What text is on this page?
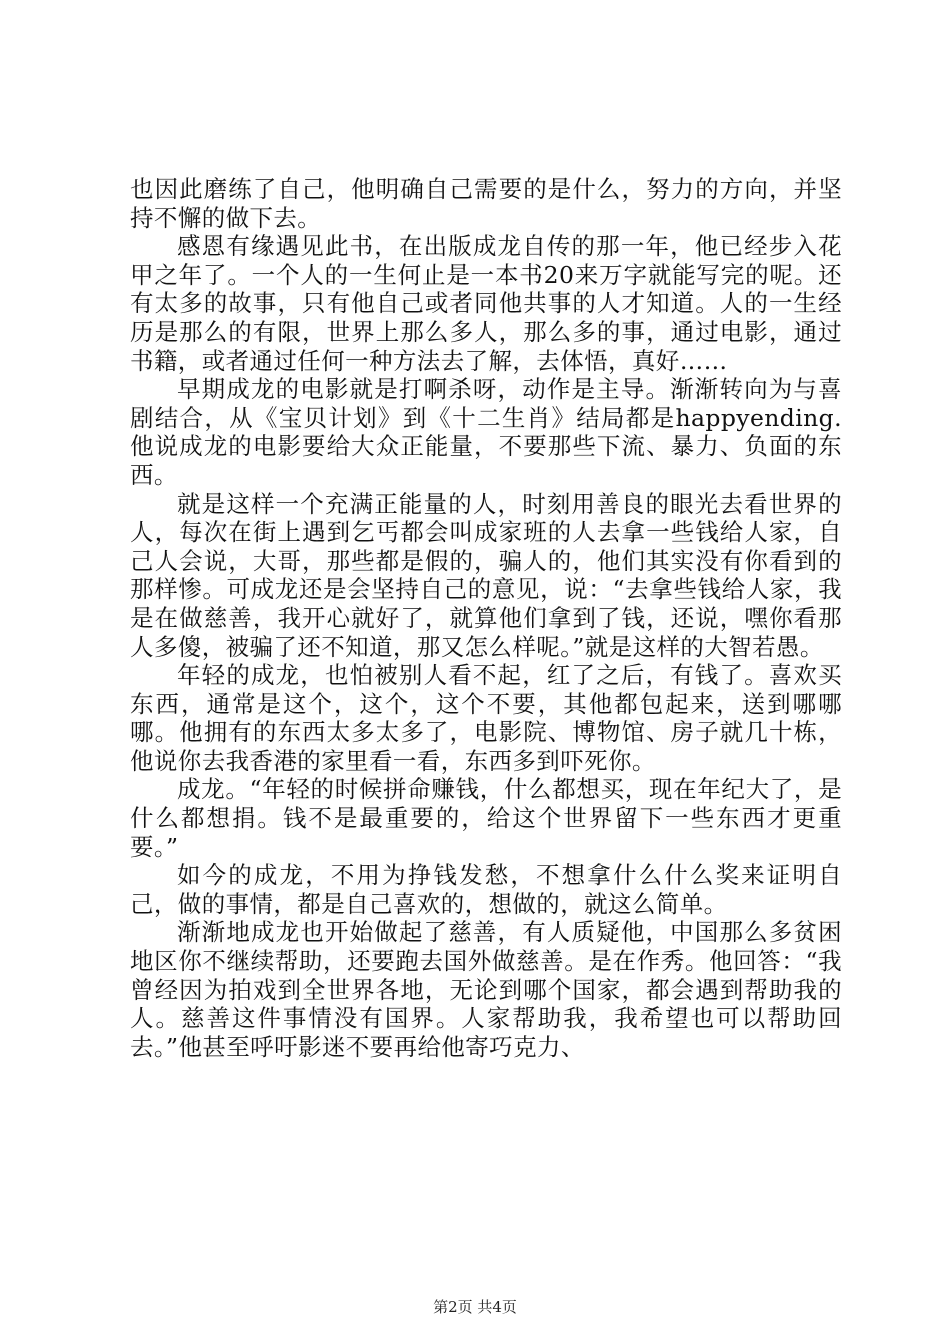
也因此磨练了自己，他明确自己需要的是什么，努力的方向，并坚持不懈的做下去。

感恩有缘遇见此书，在出版成龙自传的那一年，他已经步入花甲之年了。一个人的一生何止是一本书20来万字就能写完的呢。还有太多的故事，只有他自己或者同他共事的人才知道。人的一生经历是那么的有限，世界上那么多人，那么多的事，通过电影，通过书籍，或者通过任何一种方法去了解，去体悟，真好……

早期成龙的电影就是打啊杀呀，动作是主导。渐渐转向为与喜剧结合，从《宝贝计划》到《十二生肖》结局都是happyending.他说成龙的电影要给大众正能量，不要那些下流、暴力、负面的东西。

就是这样一个充满正能量的人，时刻用善良的眼光去看世界的人，每次在街上遇到乞丐都会叫成家班的人去拿一些钱给人家，自己人会说，大哥，那些都是假的，骗人的，他们其实没有你看到的那样惨。可成龙还是会坚持自己的意见，说：“去拿些钱给人家，我是在做慈善，我开心就好了，就算他们拿到了钱，还说，嘿你看那人多傻，被骗了还不知道，那又怎么样呢。”就是这样的大智若愚。

年轻的成龙，也怕被别人看不起，红了之后，有钱了。喜欢买东西，通常是这个，这个，这个不要，其他都包起来，送到哪哪哪。他拥有的东西太多太多了，电影院、博物馆、房子就几十栋，他说你去我香港的家里看一看，东西多到吓死你。

成龙。“年轻的时候拼命赚钱，什么都想买，现在年纪大了，是什么都想捐。钱不是最重要的，给这个世界留下一些东西才更重要。”

如今的成龙，不用为挣钱发愁，不想拿什么什么奖来证明自己，做的事情，都是自己喜欢的，想做的，就这么简单。

渐渐地成龙也开始做起了慈善，有人质疑他，中国那么多贫困地区你不继续帮助，还要跑去国外做慈善。是在作秀。他回答：“我曾经因为拍戏到全世界各地，无论到哪个国家，都会遇到帮助我的人。慈善这件事情没有国界。人家帮助我，我希望也可以帮助回去。”他甚至呼吁影迷不要再给他寄巧克力、

第2页 共4页
